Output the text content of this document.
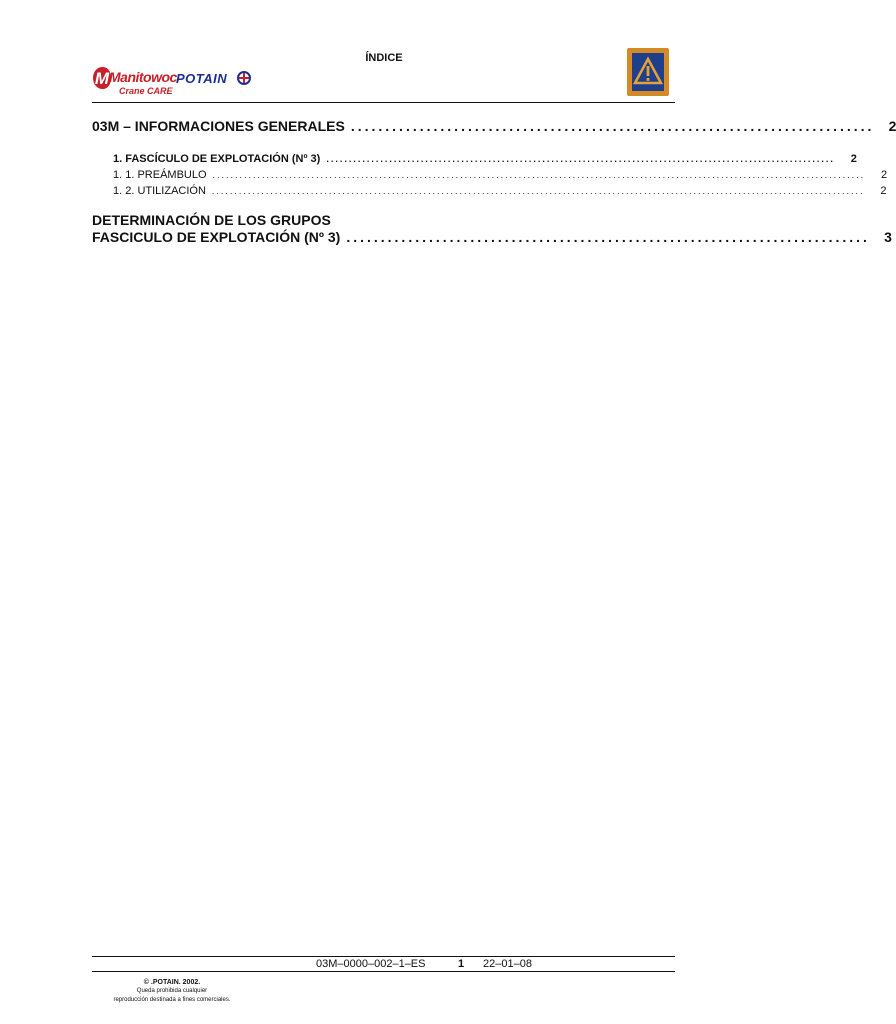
ÍNDICE
M Manitowoc POTAIN
Crane CARE
03M – INFORMACIONES GENERALES ............................................................................	2
1. FASCÍCULO DE EXPLOTACIÓN (Nº 3) .................................................................................................................	2
1. 1. PREÁMBULO .................................................................................................................................................	2
1. 2. UTILIZACIÓN .................................................................................................................................................	2
DETERMINACIÓN DE LOS GRUPOS
FASCICULO DE EXPLOTACIÓN (Nº 3) ............................................................................	3
03M–0000–002–1–ES	1 22–01–08
© .POTAIN. 2002.
Queda prohibida cualquier
reproducción destinada a fines comerciales.
